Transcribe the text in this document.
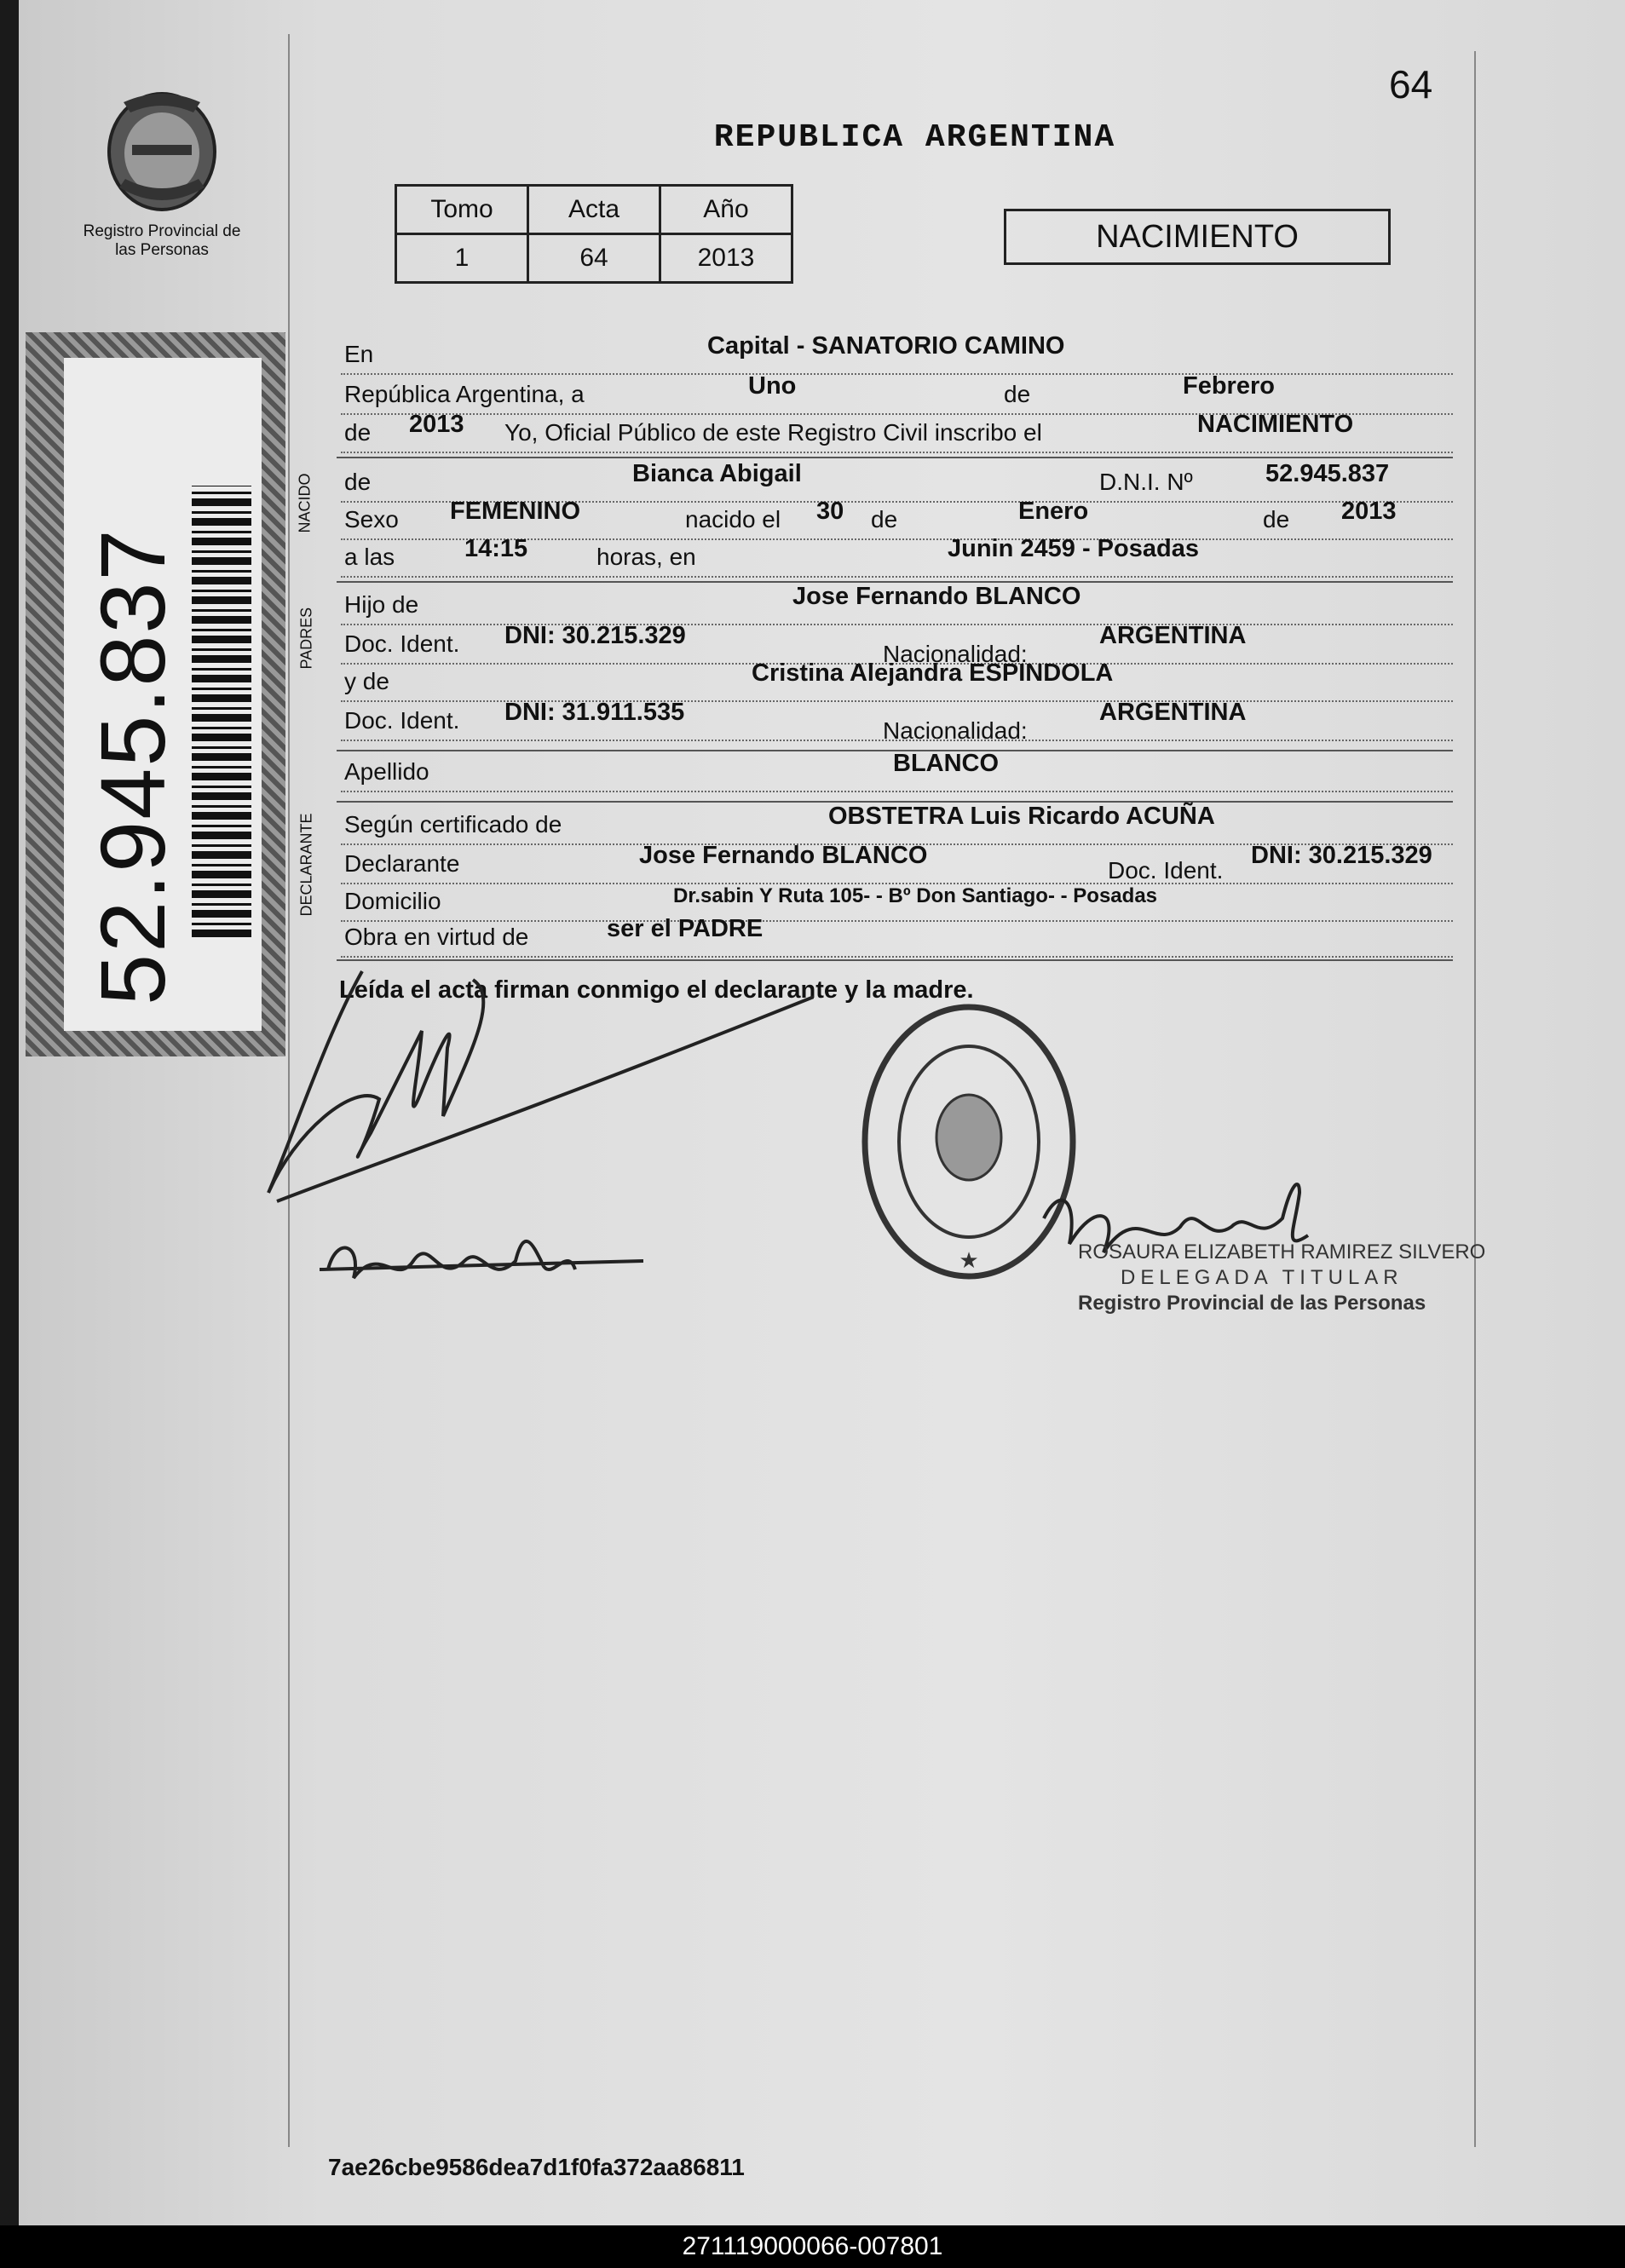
Registro Provincial de las Personas
52.945.837
64
REPUBLICA ARGENTINA
Tomo	Acta	Año
1	64	2013
NACIMIENTO
En	Capital - SANATORIO CAMINO
República Argentina, a	Uno	de	Febrero
de 2013 Yo, Oficial Público de este Registro Civil inscribo el	NACIMIENTO
de	Bianca Abigail	D.N.I. Nº	52.945.837
Sexo FEMENINO	nacido el 30 de	Enero	de 2013
a las	14:15	horas, en	Junin 2459 - Posadas
NACIDO
Hijo de	Jose Fernando BLANCO
Doc. Ident. DNI: 30.215.329
Nacionalidad:
ARGENTINA
y de	Cristina Alejandra ESPINDOLA
Doc. Ident. DNI: 31.911.535
Nacionalidad:
ARGENTINA
PADRES
Apellido	BLANCO
Según certificado de	OBSTETRA Luis Ricardo ACUÑA
Declarante	Jose Fernando BLANCO
Doc. Ident.
DNI: 30.215.329
Domicilio	Dr.sabin Y Ruta 105- - Bº Don Santiago- - Posadas
Obra en virtud de	ser el PADRE
DECLARANTE
Leída el acta firman conmigo el declarante y la madre.
★	ROSAURA ELIZABETH RAMIREZ SILVERO
DELEGADA TITULAR
Registro Provincial de las Personas
7ae26cbe9586dea7d1f0fa372aa86811
271119000066-007801
